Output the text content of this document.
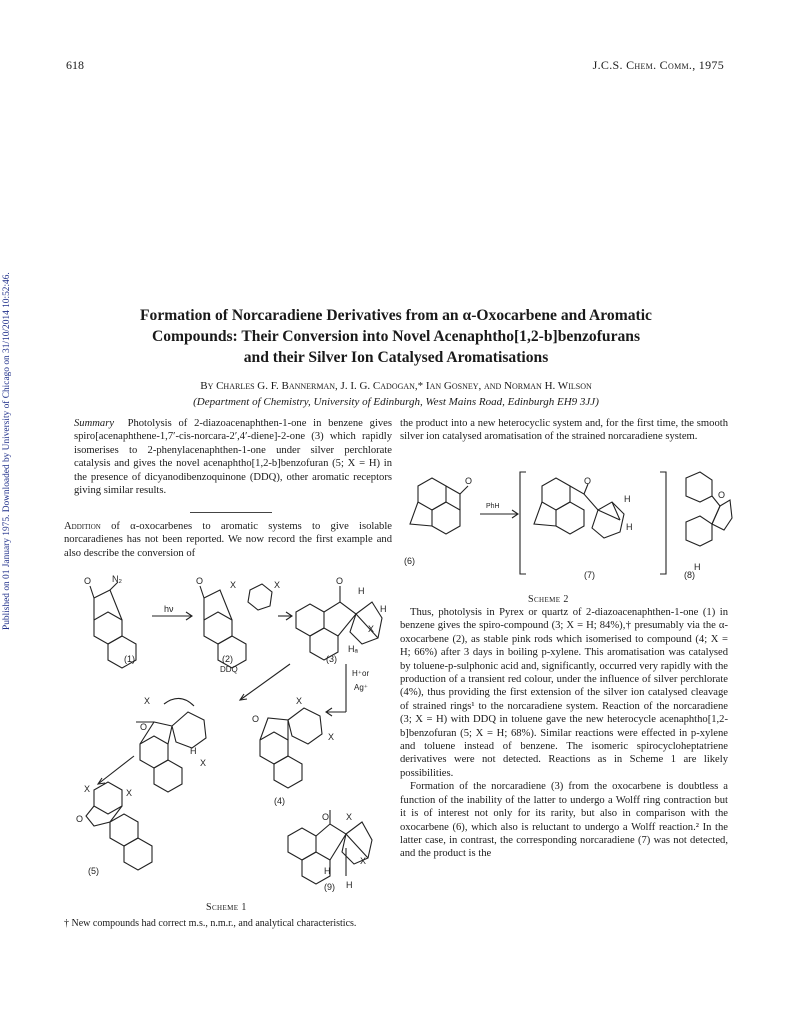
618	J.C.S. Chem. Comm., 1975
Published on 01 January 1975. Downloaded by University of Chicago on 31/10/2014 10:52:46.	Formation of Norcaradiene Derivatives from an α-Oxocarbene and Aromatic
Compounds: Their Conversion into Novel Acenaphtho[1,2-b]benzofurans
and their Silver Ion Catalysed Aromatisations
By Charles G. F. Bannerman, J. I. G. Cadogan,* Ian Gosney, and Norman H. Wilson
(Department of Chemistry, University of Edinburgh, West Mains Road, Edinburgh EH9 3JJ)

Summary Photolysis of 2-diazoacenaphthen-1-one in benzene gives spiro[acenaphthene-1,7′-cis-norcara-2′,4′-diene]-2-one (3) which rapidly isomerises to 2-phenylacenaphthen-1-one under silver perchlorate catalysis and gives the novel acenaphtho[1,2-b]benzofuran (5; X = H) in the presence of dicyanodibenzoquinone (DDQ), other aromatic receptors giving similar results.

Addition of α-oxocarbenes to aromatic systems to give isolable norcaradienes has not been reported. We now record the first example and also describe the conversion of
the product into a new heterocyclic system and, for the first time, the smooth silver ion catalysed aromatisation of the strained norcaradiene system.
O
PhH
O
H
H
O
H
(6)
(7)	(8)
Scheme 2

Thus, photolysis in Pyrex or quartz of 2-diazoacenaphthen-1-one (1) in benzene gives the spiro-compound (3; X = H; 84%),† presumably via the α-oxocarbene (2), as stable pink rods which isomerised to compound (4; X = H; 66%) after 3 days in boiling p-xylene. This aromatisation was catalysed by toluene-p-sulphonic acid and, significantly, occurred very rapidly with the production of a transient red colour, under the influence of silver perchlorate (4%), thus providing the first extension of the silver ion catalysed cleavage of strained rings¹ to the norcaradiene system. Reaction of the norcaradiene (3; X = H) with DDQ in toluene gave the new heterocycle acenaphtho[1,2-b]benzofuran (5; X = H; 68%). Similar reactions were effected in p-xylene and toluene instead of benzene. The isomeric spirocycloheptatriene derivatives were not detected. Reactions as in Scheme 1 are likely possibilities.

Formation of the norcaradiene (3) from the oxocarbene is doubtless a function of the inability of the latter to undergo a Wolff ring contraction but it is of interest not only for its rarity, but also in comparison with the oxocarbene (6), which also is reluctant to undergo a Wolff reaction.² In the latter case, in contrast, the corresponding norcaradiene (7) was not detected, and the product is the

O N₂
hν
O	X	X	O
H
H
X
Hₐ
DDQ	H⁺or
Ag⁺
X
O
H
X
X
O
X
X	X
O	O X
X
H
H
(1)	(2)	(3)
(4)
(5)
(9)
Scheme 1
† New compounds had correct m.s., n.m.r., and analytical characteristics.
